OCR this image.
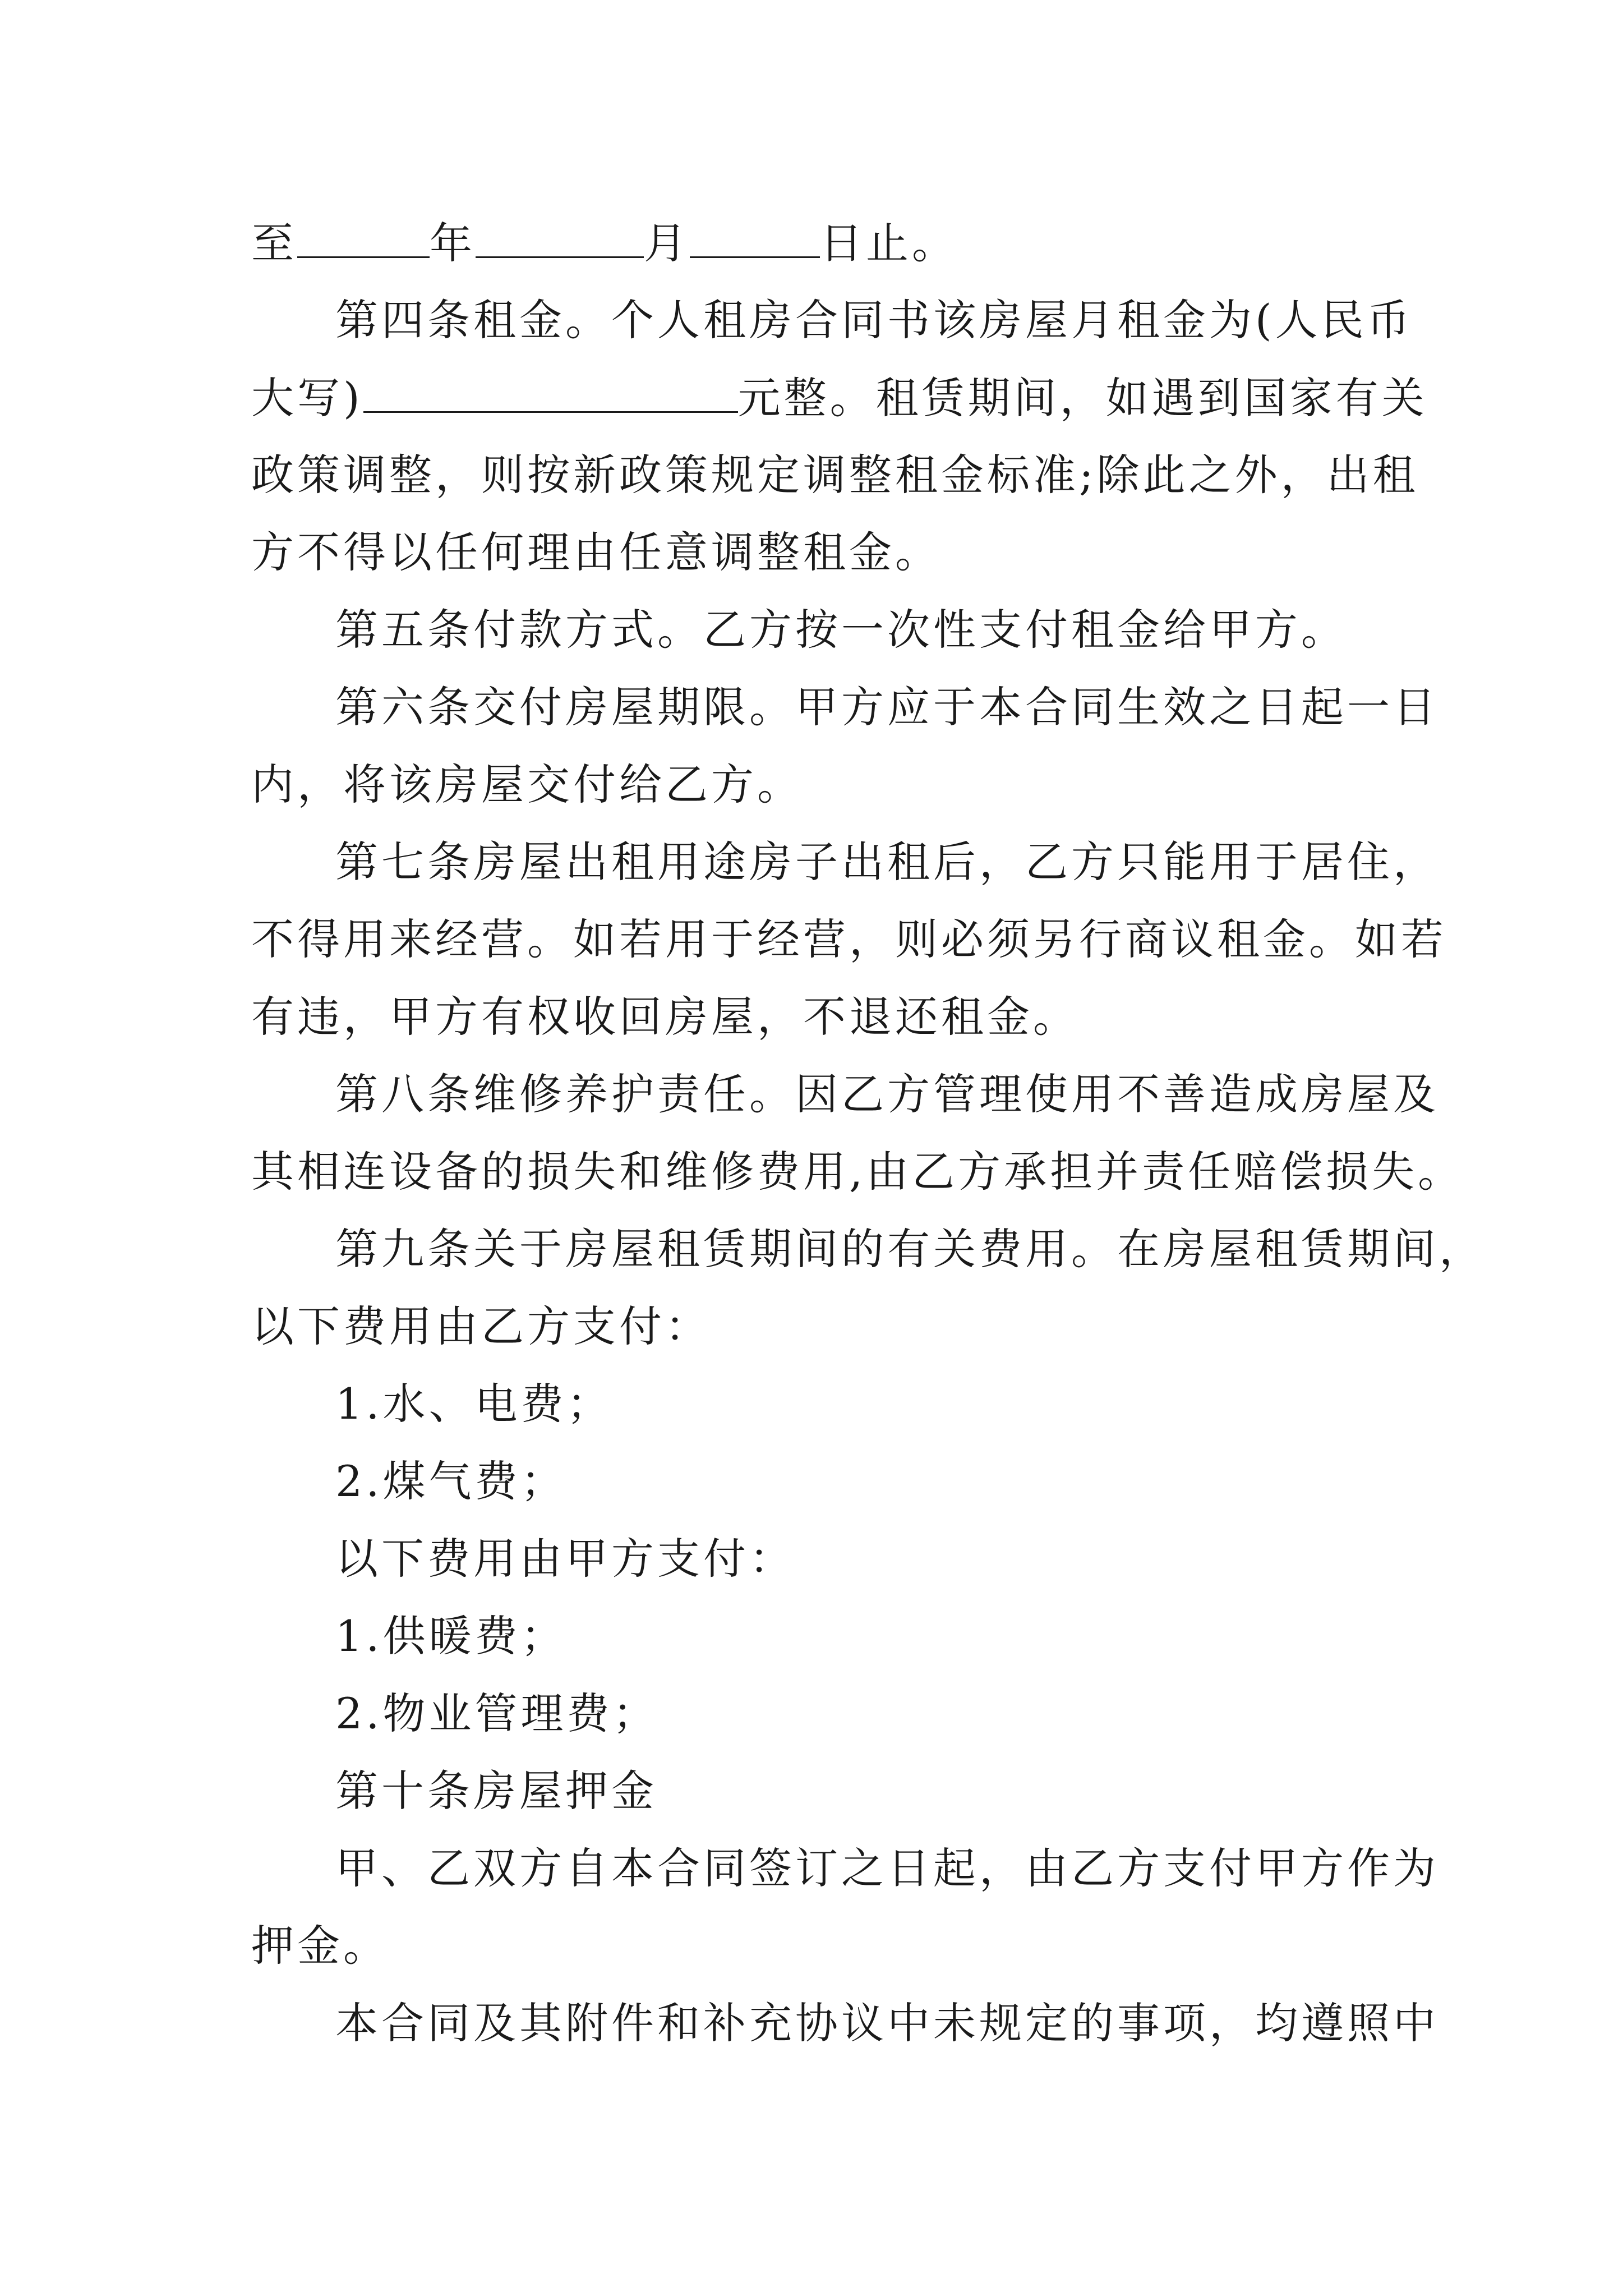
至	年	月	日止。
第四条租金。个人租房合同书该房屋月租金为(人民币
大写)	元整。租赁期间，如遇到国家有关
政策调整，则按新政策规定调整租金标准;除此之外，出租
方不得以任何理由任意调整租金。
第五条付款方式。乙方按一次性支付租金给甲方。
第六条交付房屋期限。甲方应于本合同生效之日起一日
内，将该房屋交付给乙方。
第七条房屋出租用途房子出租后，乙方只能用于居住，
不得用来经营。如若用于经营，则必须另行商议租金。如若
有违，甲方有权收回房屋，不退还租金。
第八条维修养护责任。因乙方管理使用不善造成房屋及
其相连设备的损失和维修费用,由乙方承担并责任赔偿损失。
第九条关于房屋租赁期间的有关费用。在房屋租赁期间，
以下费用由乙方支付：
1.水、电费；
2.煤气费；
以下费用由甲方支付：
1.供暖费；
2.物业管理费；
第十条房屋押金
甲、乙双方自本合同签订之日起，由乙方支付甲方作为
押金。
本合同及其附件和补充协议中未规定的事项，均遵照中
